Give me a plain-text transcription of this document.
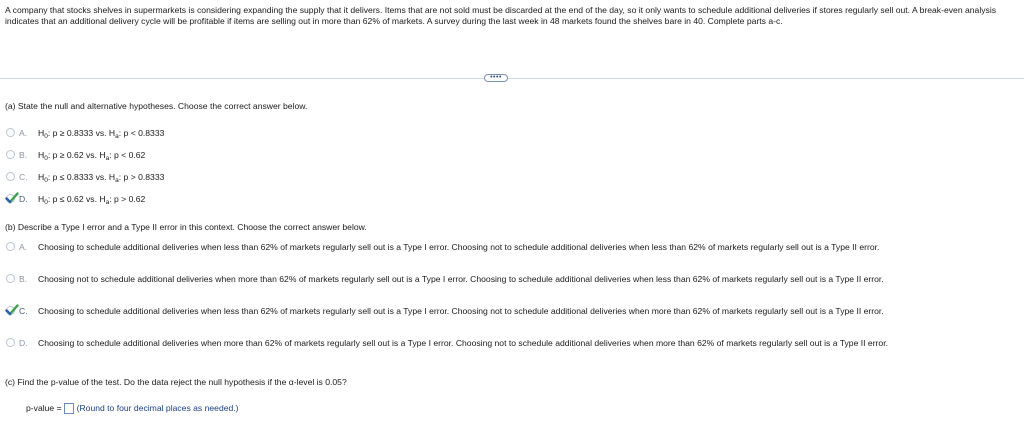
A company that stocks shelves in supermarkets is considering expanding the supply that it delivers. Items that are not sold must be discarded at the end of the day, so it only wants to schedule additional deliveries if stores regularly sell out. A break-even analysis indicates that an additional delivery cycle will be profitable if items are selling out in more than 62% of markets. A survey during the last week in 48 markets found the shelves bare in 40. Complete parts a-c.

••••

(a) State the null and alternative hypotheses. Choose the correct answer below.

A. $H_0$: p ≥ 0.8333 vs. $H_a$: p < 0.8333
B. $H_0$: p ≥ 0.62 vs. $H_a$: p < 0.62
C. $H_0$: p ≤ 0.8333 vs. $H_a$: p > 0.8333
D. $H_0$: p ≤ 0.62 vs. $H_a$: p > 0.62

(b) Describe a Type I error and a Type II error in this context. Choose the correct answer below.

A. Choosing to schedule additional deliveries when less than 62% of markets regularly sell out is a Type I error. Choosing not to schedule additional deliveries when less than 62% of markets regularly sell out is a Type II error.
B. Choosing not to schedule additional deliveries when more than 62% of markets regularly sell out is a Type I error. Choosing to schedule additional deliveries when less than 62% of markets regularly sell out is a Type II error.
C. Choosing to schedule additional deliveries when less than 62% of markets regularly sell out is a Type I error. Choosing not to schedule additional deliveries when more than 62% of markets regularly sell out is a Type II error.
D. Choosing to schedule additional deliveries when more than 62% of markets regularly sell out is a Type I error. Choosing not to schedule additional deliveries when more than 62% of markets regularly sell out is a Type II error.

(c) Find the p-value of the test. Do the data reject the null hypothesis if the α-level is 0.05?

p-value = (Round to four decimal places as needed.)
